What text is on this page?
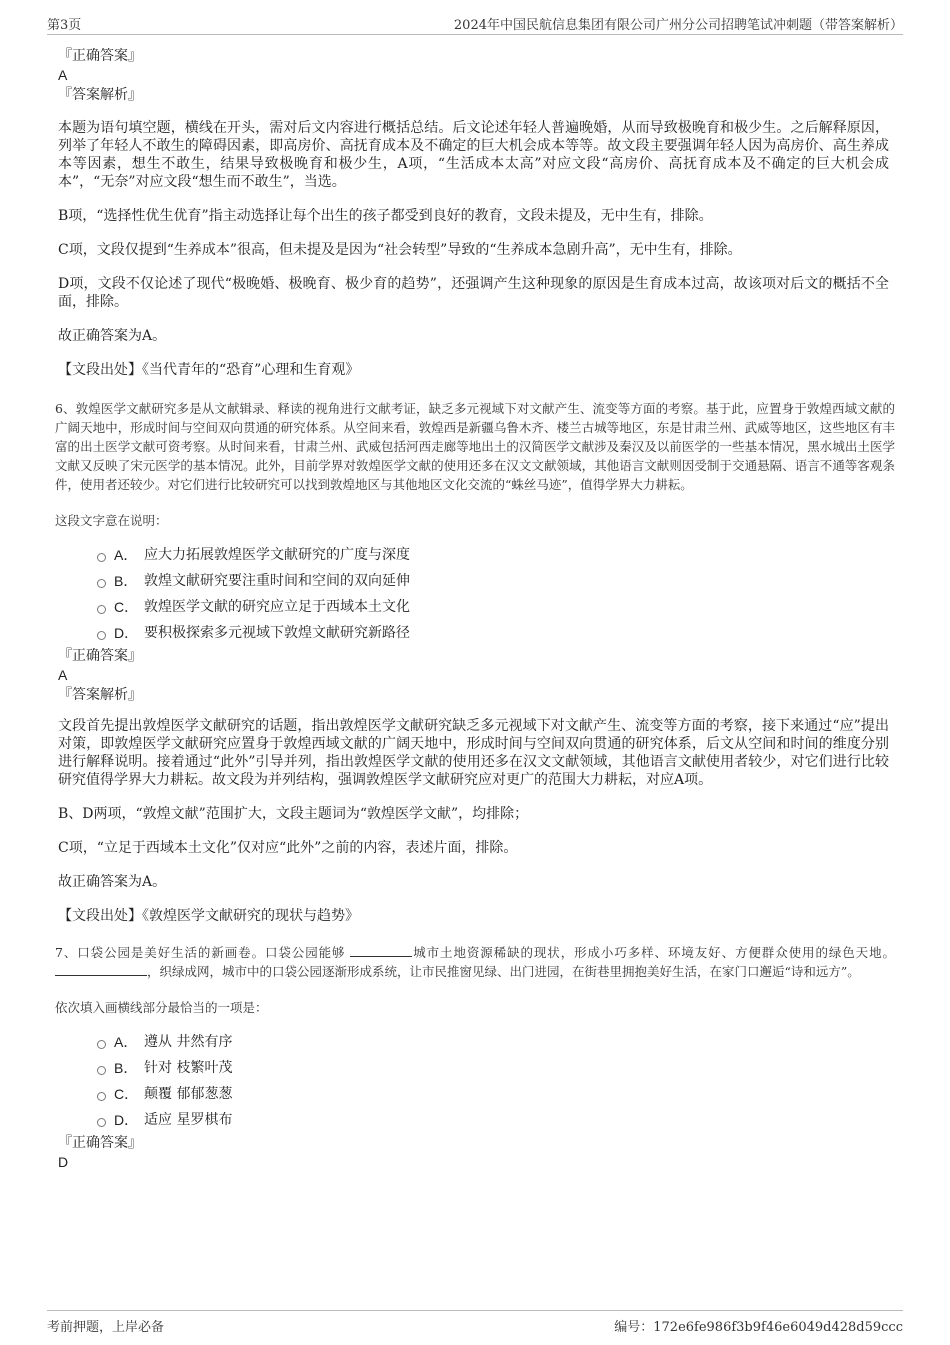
第3页	2024年中国民航信息集团有限公司广州分公司招聘笔试冲刺题（带答案解析）
『正确答案』
A
『答案解析』

本题为语句填空题，横线在开头，需对后文内容进行概括总结。后文论述年轻人普遍晚婚，从而导致极晚育和极少生。之后解释原因，列举了年轻人不敢生的障碍因素，即高房价、高抚育成本及不确定的巨大机会成本等等。故文段主要强调年轻人因为高房价、高生养成本等因素，想生不敢生，结果导致极晚育和极少生，A项，“生活成本太高”对应文段“高房价、高抚育成本及不确定的巨大机会成本”，“无奈”对应文段“想生而不敢生”，当选。

B项，“选择性优生优育”指主动选择让每个出生的孩子都受到良好的教育，文段未提及，无中生有，排除。

C项，文段仅提到“生养成本”很高，但未提及是因为“社会转型”导致的“生养成本急剧升高”，无中生有，排除。

D项，文段不仅论述了现代“极晚婚、极晚育、极少育的趋势”，还强调产生这种现象的原因是生育成本过高，故该项对后文的概括不全面，排除。

故正确答案为A。

【文段出处】《当代青年的“恐育”心理和生育观》

6、敦煌医学文献研究多是从文献辑录、释读的视角进行文献考证，缺乏多元视域下对文献产生、流变等方面的考察。基于此，应置身于敦煌西域文献的广阔天地中，形成时间与空间双向贯通的研究体系。从空间来看，敦煌西是新疆乌鲁木齐、楼兰古城等地区，东是甘肃兰州、武威等地区，这些地区有丰富的出土医学文献可资考察。从时间来看，甘肃兰州、武威包括河西走廊等地出土的汉简医学文献涉及秦汉及以前医学的一些基本情况，黑水城出土医学文献又反映了宋元医学的基本情况。此外，目前学界对敦煌医学文献的使用还多在汉文文献领域，其他语言文献则因受制于交通悬隔、语言不通等客观条件，使用者还较少。对它们进行比较研究可以找到敦煌地区与其他地区文化交流的“蛛丝马迹”，值得学界大力耕耘。

这段文字意在说明：

A． 应大力拓展敦煌医学文献研究的广度与深度
B． 敦煌文献研究要注重时间和空间的双向延伸
C． 敦煌医学文献的研究应立足于西域本土文化
D． 要积极探索多元视域下敦煌文献研究新路径
『正确答案』
A
『答案解析』

文段首先提出敦煌医学文献研究的话题，指出敦煌医学文献研究缺乏多元视域下对文献产生、流变等方面的考察，接下来通过“应”提出对策，即敦煌医学文献研究应置身于敦煌西域文献的广阔天地中，形成时间与空间双向贯通的研究体系，后文从空间和时间的维度分别进行解释说明。接着通过“此外”引导并列，指出敦煌医学文献的使用还多在汉文文献领域，其他语言文献使用者较少，对它们进行比较研究值得学界大力耕耘。故文段为并列结构，强调敦煌医学文献研究应对更广的范围大力耕耘，对应A项。

B、D两项，“敦煌文献”范围扩大，文段主题词为“敦煌医学文献”，均排除；

C项，“立足于西域本土文化”仅对应“此外”之前的内容，表述片面，排除。

故正确答案为A。

【文段出处】《敦煌医学文献研究的现状与趋势》

7、口袋公园是美好生活的新画卷。口袋公园能够	城市土地资源稀缺的现状，形成小巧多样、环境友好、方便群众使用的绿色天地。，织绿成网，城市中的口袋公园逐渐形成系统，让市民推窗见绿、出门进园，在街巷里拥抱美好生活，在家门口邂逅“诗和远方”。

依次填入画横线部分最恰当的一项是：

A． 遵从 井然有序
B． 针对 枝繁叶茂
C． 颠覆 郁郁葱葱
D． 适应 星罗棋布
『正确答案』
D
考前押题，上岸必备	编号：172e6fe986f3b9f46e6049d428d59ccc
